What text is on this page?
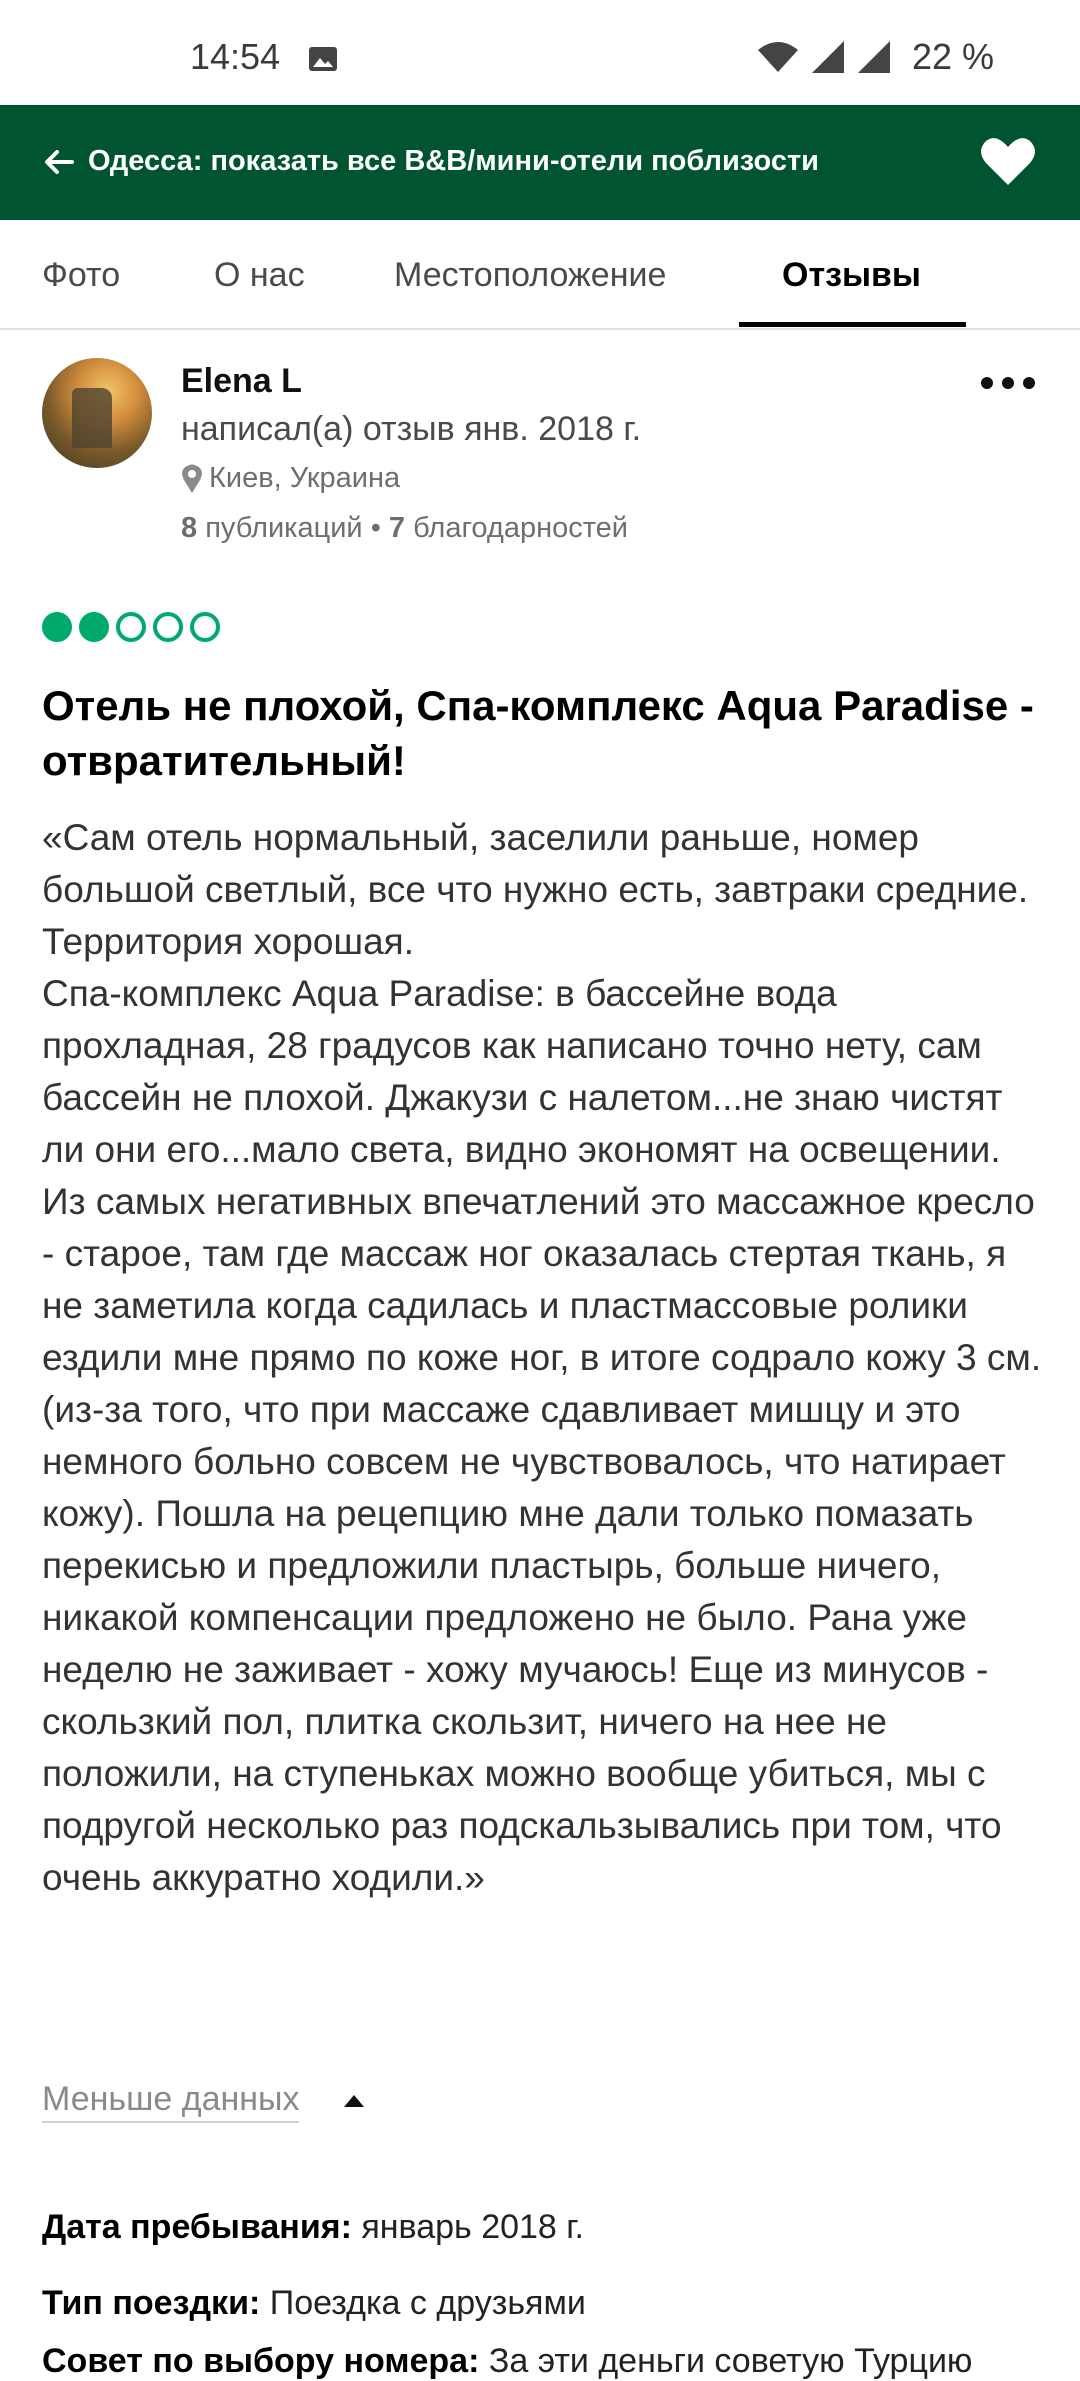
14:54	22 %
Одесса: показать все B&B/мини-отели поблизости
Фото	О нас	Местоположение	Отзывы
Elena L
написал(а) отзыв янв. 2018 г.
Киев, Украина
8 публикаций • 7 благодарностей
Отель не плохой, Спа-комплекс Aqua Paradise - отвратительный!

«Сам отель нормальный, заселили раньше, номер большой светлый, все что нужно есть, завтраки средние. Территория хорошая.

Спа-комплекс Aqua Paradise: в бассейне вода прохладная, 28 градусов как написано точно нету, сам бассейн не плохой. Джакузи с налетом...не знаю чистят ли они его...мало света, видно экономят на освещении. Из самых негативных впечатлений это массажное кресло - старое, там где массаж ног оказалась стертая ткань, я не заметила когда садилась и пластмассовые ролики ездили мне прямо по коже ног, в итоге содрало кожу 3 см.(из-за того, что при массаже сдавливает мишцу и это немного больно совсем не чувствовалось, что натирает кожу). Пошла на рецепцию мне дали только помазать перекисью и предложили пластырь, больше ничего, никакой компенсации предложено не было. Рана уже неделю не заживает - хожу мучаюсь! Еще из минусов - скользкий пол, плитка скользит, ничего на нее не положили, на ступеньках можно вообще убиться, мы с подругой несколько раз подскальзывались при том, что очень аккуратно ходили.»

Меньше данных
Дата пребывания: январь 2018 г.
Тип поездки: Поездка с друзьями
Совет по выбору номера: За эти деньги советую Турцию
